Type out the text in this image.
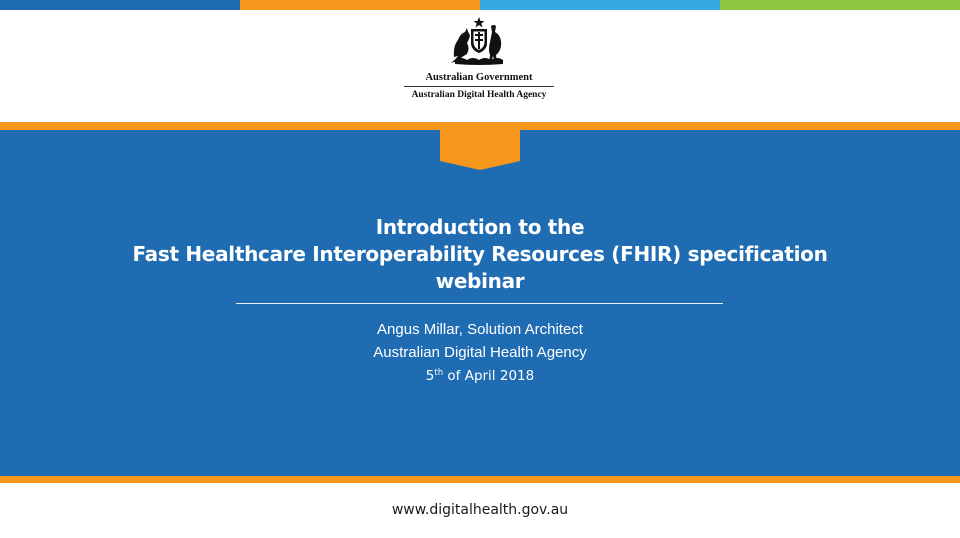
Australian Government
Australian Digital Health Agency
Introduction to the
Fast Healthcare Interoperability Resources (FHIR) specification
webinar
Angus Millar, Solution Architect
Australian Digital Health Agency
5th of April 2018
www.digitalhealth.gov.au
